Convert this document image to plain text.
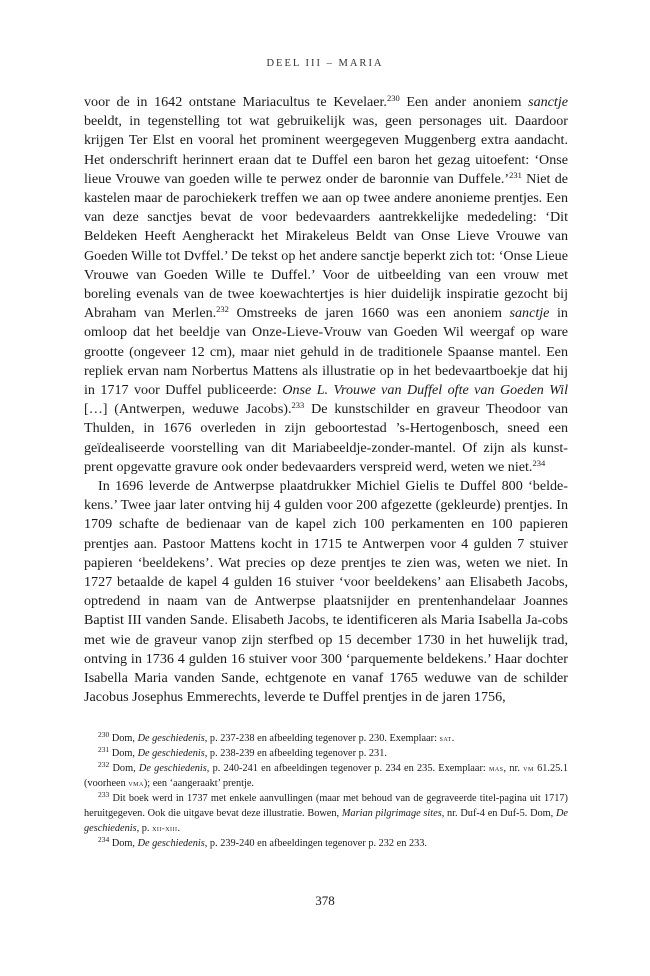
DEEL III – MARIA

voor de in 1642 ontstane Mariacultus te Kevelaer.$^{230}$ Een ander anoniem sanctje beeldt, in tegenstelling tot wat gebruikelijk was, geen personages uit. Daardoor krijgen Ter Elst en vooral het prominent weergegeven Muggenberg extra aandacht. Het onderschrift herinnert eraan dat te Duffel een baron het gezag uitoefent: ‘Onse lieue Vrouwe van goeden wille te perwez onder de baronnie van Duffele.’$^{231}$ Niet de kastelen maar de parochiekerk treffen we aan op twee andere anonieme prentjes. Een van deze sanctjes bevat de voor bedevaarders aantrekkelijke mededeling: ‘Dit Beldeken Heeft Aengherackt het Mirakeleus Beldt van Onse Lieve Vrouwe van Goeden Wille tot Dvffel.’ De tekst op het andere sanctje beperkt zich tot: ‘Onse Lieue Vrouwe van Goeden Wille te Duffel.’ Voor de uitbeelding van een vrouw met boreling evenals van de twee koewachtertjes is hier duidelijk inspiratie gezocht bij Abraham van Merlen.$^{232}$ Omstreeks de jaren 1660 was een anoniem sanctje in omloop dat het beeldje van Onze-Lieve-Vrouw van Goeden Wil weergaf op ware grootte (ongeveer 12 cm), maar niet gehuld in de traditionele Spaanse mantel. Een repliek ervan nam Norbertus Mattens als illustratie op in het bedevaartboekje dat hij in 1717 voor Duffel publiceerde: Onse L. Vrouwe van Duffel ofte van Goeden Wil […] (Antwerpen, weduwe Jacobs).$^{233}$ De kunstschilder en graveur Theodoor van Thulden, in 1676 overleden in zijn geboortestad ’s-Hertogenbosch, sneed een geïdealiseerde voorstelling van dit Mariabeeldje-zonder-mantel. Of zijn als kunst-prent opgevatte gravure ook onder bedevaarders verspreid werd, weten we niet.$^{234}$

In 1696 leverde de Antwerpse plaatdrukker Michiel Gielis te Duffel 800 ‘belde-kens.’ Twee jaar later ontving hij 4 gulden voor 200 afgezette (gekleurde) prentjes. In 1709 schafte de bedienaar van de kapel zich 100 perkamenten en 100 papieren prentjes aan. Pastoor Mattens kocht in 1715 te Antwerpen voor 4 gulden 7 stuiver papieren ‘beeldekens’. Wat precies op deze prentjes te zien was, weten we niet. In 1727 betaalde de kapel 4 gulden 16 stuiver ‘voor beeldekens’ aan Elisabeth Jacobs, optredend in naam van de Antwerpse plaatsnijder en prentenhandelaar Joannes Baptist III vanden Sande. Elisabeth Jacobs, te identificeren als Maria Isabella Ja-cobs met wie de graveur vanop zijn sterfbed op 15 december 1730 in het huwelijk trad, ontving in 1736 4 gulden 16 stuiver voor 300 ‘parquemente beldekens.’ Haar dochter Isabella Maria vanden Sande, echtgenote en vanaf 1765 weduwe van de schilder Jacobus Josephus Emmerechts, leverde te Duffel prentjes in de jaren 1756,

$^{230}$ Dom, De geschiedenis, p. 237-238 en afbeelding tegenover p. 230. Exemplaar: sat.

$^{231}$ Dom, De geschiedenis, p. 238-239 en afbeelding tegenover p. 231.

$^{232}$ Dom, De geschiedenis, p. 240-241 en afbeeldingen tegenover p. 234 en 235. Exemplaar: mas, nr. vm 61.25.1 (voorheen vma); een ‘aangeraakt’ prentje.

$^{233}$ Dit boek werd in 1737 met enkele aanvullingen (maar met behoud van de gegraveerde titel-pagina uit 1717) heruitgegeven. Ook die uitgave bevat deze illustratie. Bowen, Marian pilgrimage sites, nr. Duf-4 en Duf-5. Dom, De geschiedenis, p. xii-xiii.

$^{234}$ Dom, De geschiedenis, p. 239-240 en afbeeldingen tegenover p. 232 en 233.

378
